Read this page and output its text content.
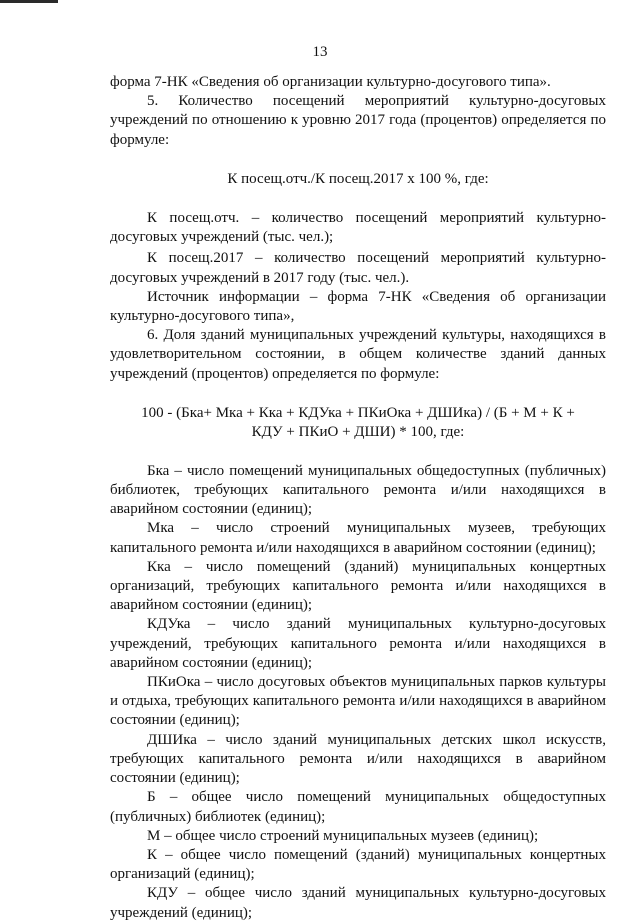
13

форма 7-НК «Сведения об организации культурно-досугового типа».

5. Количество посещений мероприятий культурно-досуговых учреждений по отношению к уровню 2017 года (процентов) определяется по формуле:

К посещ.отч./К посещ.2017 х 100 %, где:

К посещ.отч. – количество посещений мероприятий культурно-досуговых учреждений (тыс. чел.);

К посещ.2017 – количество посещений мероприятий культурно-досуговых учреждений в 2017 году (тыс. чел.).

Источник информации – форма 7-НК «Сведения об организации культурно-досугового типа»,

6. Доля зданий муниципальных учреждений культуры, находящихся в удовлетворительном состоянии, в общем количестве зданий данных учреждений (процентов) определяется по формуле:

100 - (Бка+ Мка + Кка + КДУка + ПКиОка + ДШИка) / (Б + М + К +
КДУ + ПКиО + ДШИ) * 100, где:

Бка – число помещений муниципальных общедоступных (публичных) библиотек, требующих капитального ремонта и/или находящихся в аварийном состоянии (единиц);

Мка – число строений муниципальных музеев, требующих капитального ремонта и/или находящихся в аварийном состоянии (единиц);

Кка – число помещений (зданий) муниципальных концертных организаций, требующих капитального ремонта и/или находящихся в аварийном состоянии (единиц);

КДУка – число зданий муниципальных культурно-досуговых учреждений, требующих капитального ремонта и/или находящихся в аварийном состоянии (единиц);

ПКиОка – число досуговых объектов муниципальных парков культуры и отдыха, требующих капитального ремонта и/или находящихся в аварийном состоянии (единиц);

ДШИка – число зданий муниципальных детских школ искусств, требующих капитального ремонта и/или находящихся в аварийном состоянии (единиц);

Б – общее число помещений муниципальных общедоступных (публичных) библиотек (единиц);

М – общее число строений муниципальных музеев (единиц);

К – общее число помещений (зданий) муниципальных концертных организаций (единиц);

КДУ – общее число зданий муниципальных культурно-досуговых учреждений (единиц);
